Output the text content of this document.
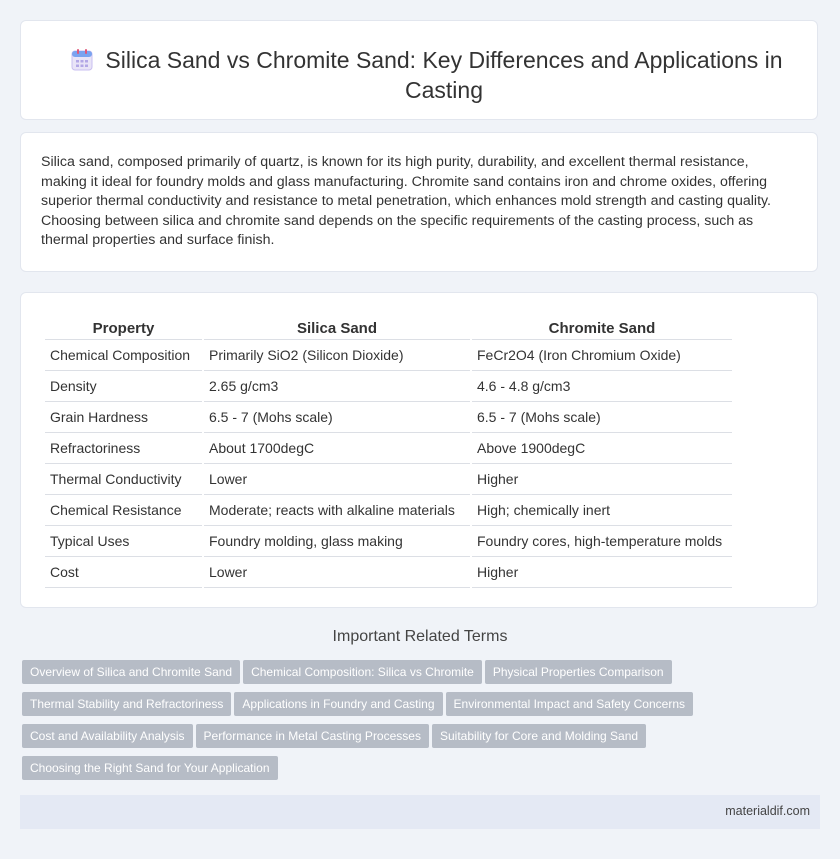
Silica Sand vs Chromite Sand: Key Differences and Applications in Casting

Silica sand, composed primarily of quartz, is known for its high purity, durability, and excellent thermal resistance, making it ideal for foundry molds and glass manufacturing. Chromite sand contains iron and chrome oxides, offering superior thermal conductivity and resistance to metal penetration, which enhances mold strength and casting quality. Choosing between silica and chromite sand depends on the specific requirements of the casting process, such as thermal properties and surface finish.

Property	Silica Sand	Chromite Sand
Chemical Composition	Primarily SiO2 (Silicon Dioxide)	FeCr2O4 (Iron Chromium Oxide)
Density	2.65 g/cm3	4.6 - 4.8 g/cm3
Grain Hardness	6.5 - 7 (Mohs scale)	6.5 - 7 (Mohs scale)
Refractoriness	About 1700degC	Above 1900degC
Thermal Conductivity	Lower	Higher
Chemical Resistance	Moderate; reacts with alkaline materials	High; chemically inert
Typical Uses	Foundry molding, glass making	Foundry cores, high-temperature molds
Cost	Lower	Higher
Important Related Terms
Overview of Silica and Chromite Sand Chemical Composition: Silica vs Chromite Physical Properties Comparison
Thermal Stability and Refractoriness Applications in Foundry and Casting Environmental Impact and Safety Concerns
Cost and Availability Analysis Performance in Metal Casting Processes Suitability for Core and Molding Sand
Choosing the Right Sand for Your Application
materialdif.com
